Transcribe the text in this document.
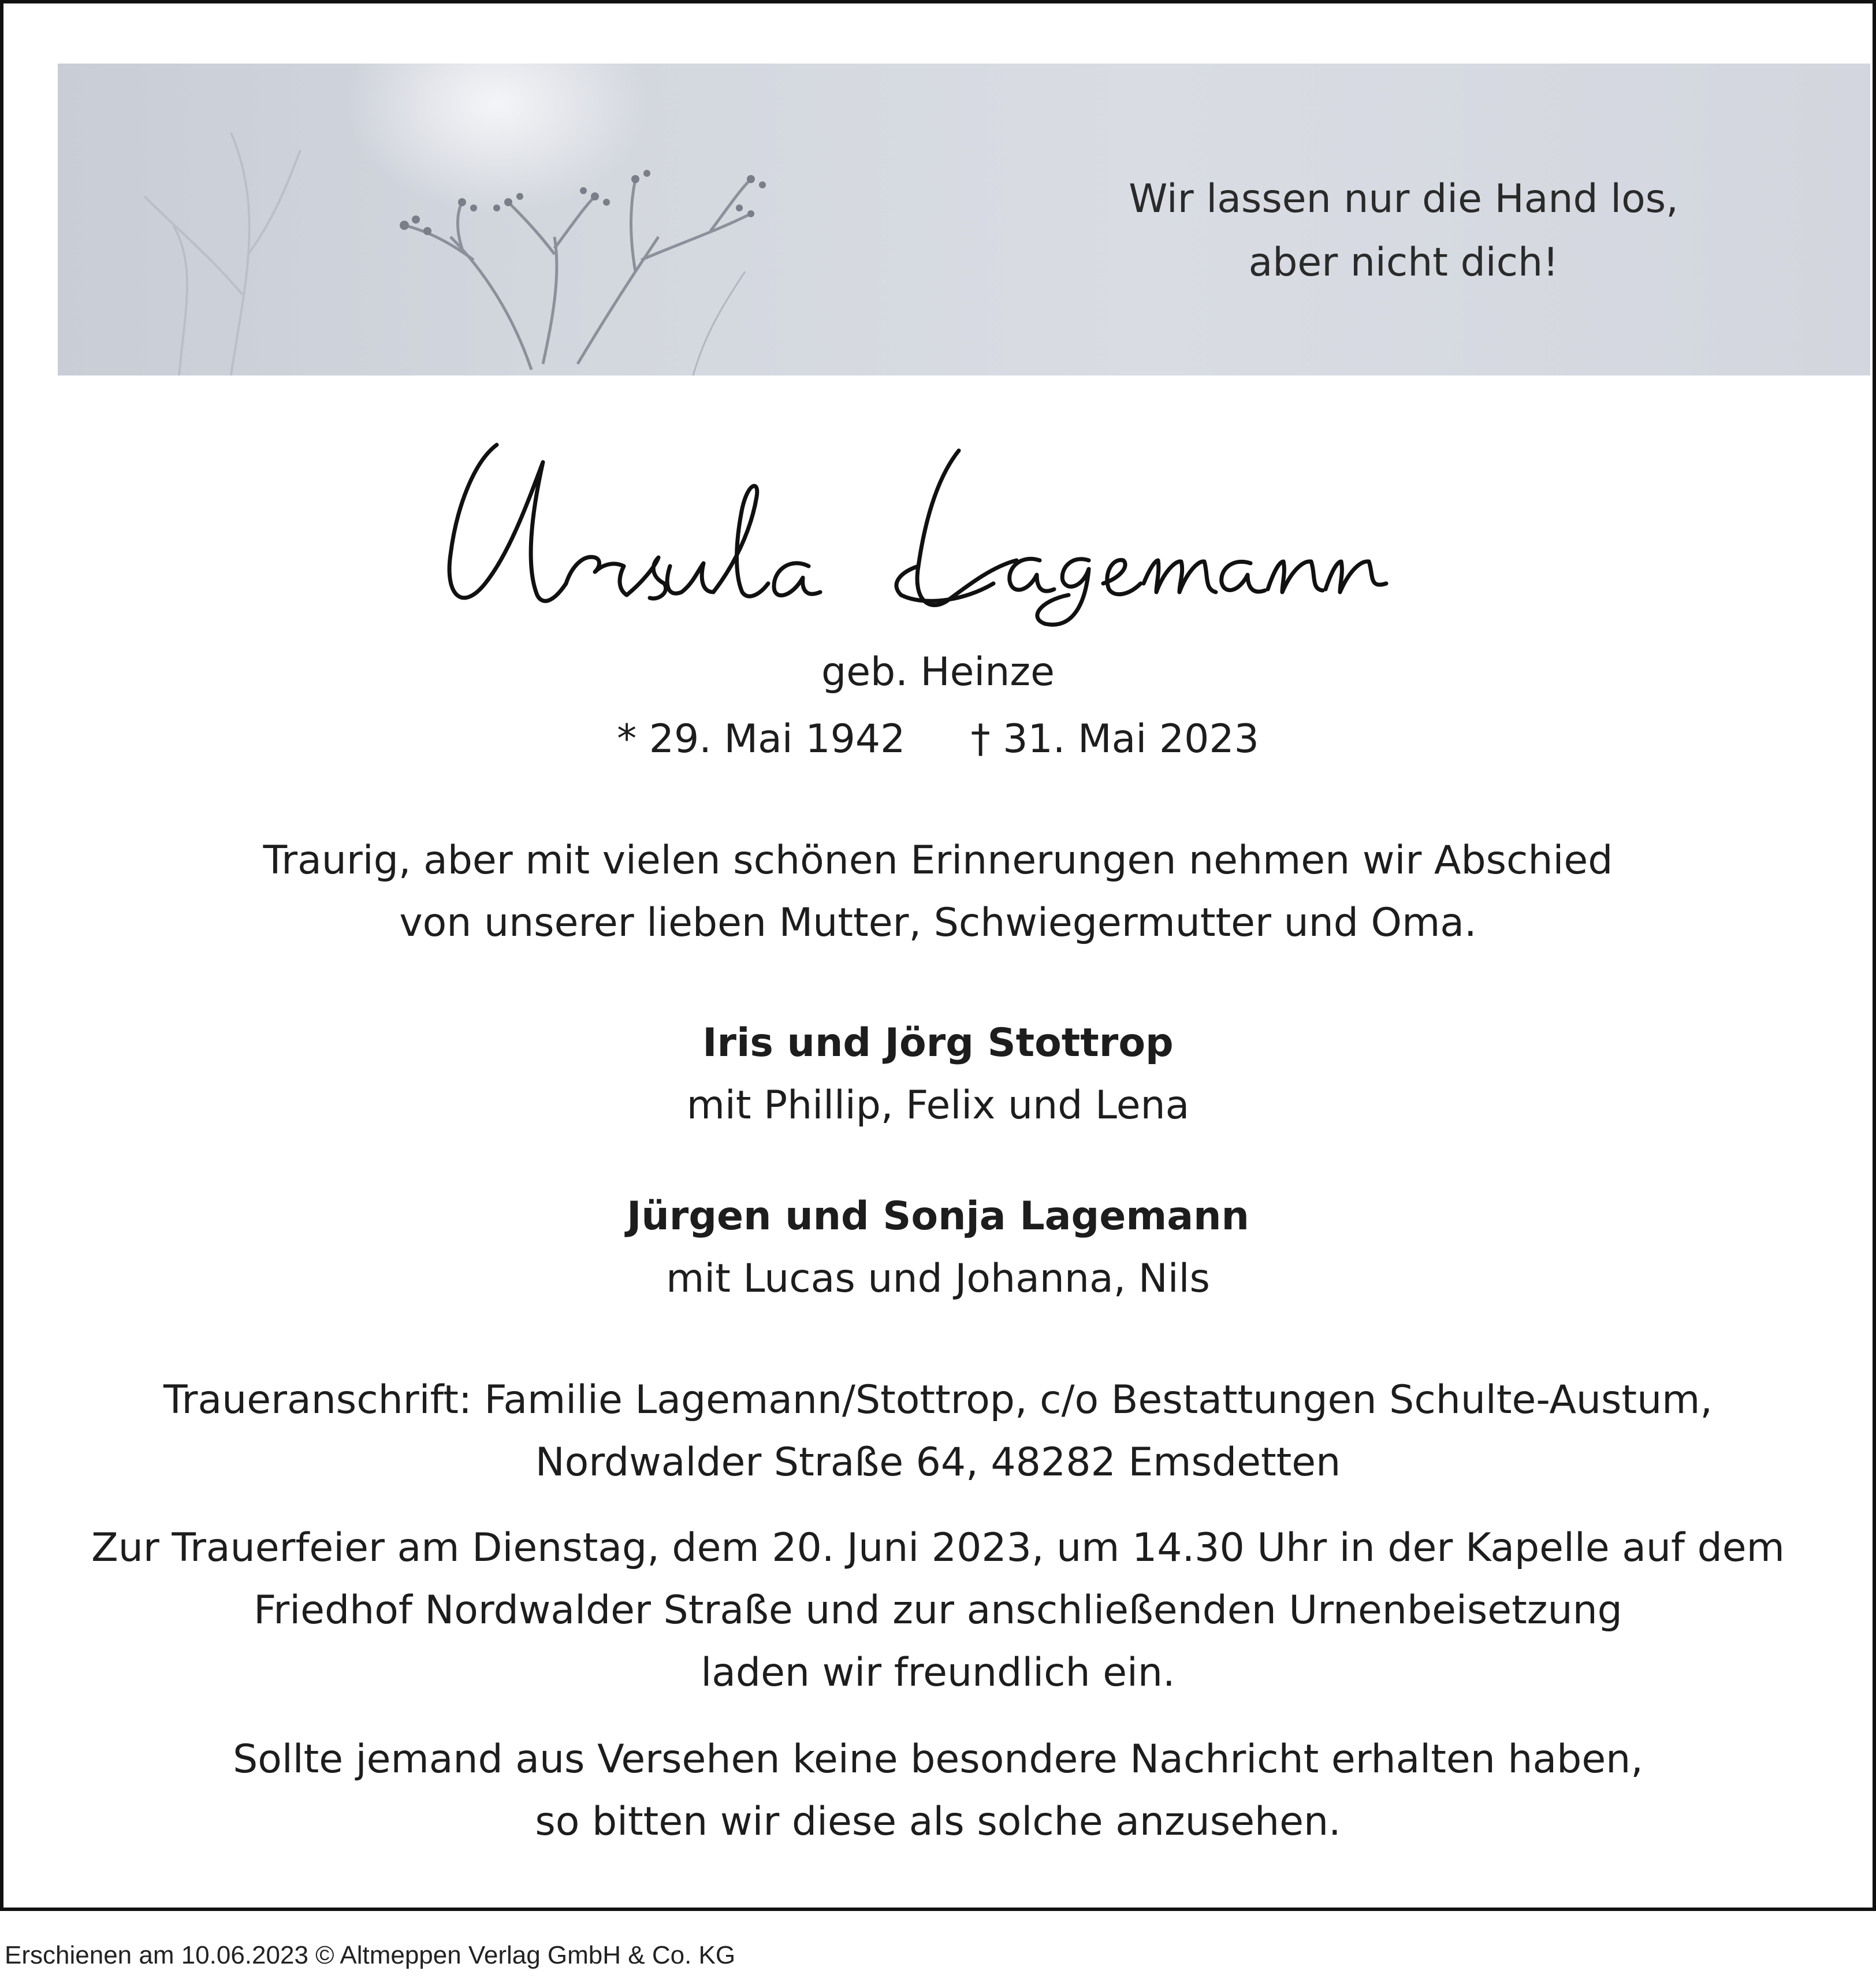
Wir lassen nur die Hand los,
aber nicht dich!
geb. Heinze
* 29. Mai 1942 † 31. Mai 2023
Traurig, aber mit vielen schönen Erinnerungen nehmen wir Abschied
von unserer lieben Mutter, Schwiegermutter und Oma.
Iris und Jörg Stottrop
mit Phillip, Felix und Lena
Jürgen und Sonja Lagemann
mit Lucas und Johanna, Nils
Traueranschrift: Familie Lagemann/Stottrop, c/o Bestattungen Schulte-Austum,
Nordwalder Straße 64, 48282 Emsdetten
Zur Trauerfeier am Dienstag, dem 20. Juni 2023, um 14.30 Uhr in der Kapelle auf dem
Friedhof Nordwalder Straße und zur anschließenden Urnenbeisetzung
laden wir freundlich ein.
Sollte jemand aus Versehen keine besondere Nachricht erhalten haben,
so bitten wir diese als solche anzusehen.
Erschienen am 10.06.2023 © Altmeppen Verlag GmbH & Co. KG
